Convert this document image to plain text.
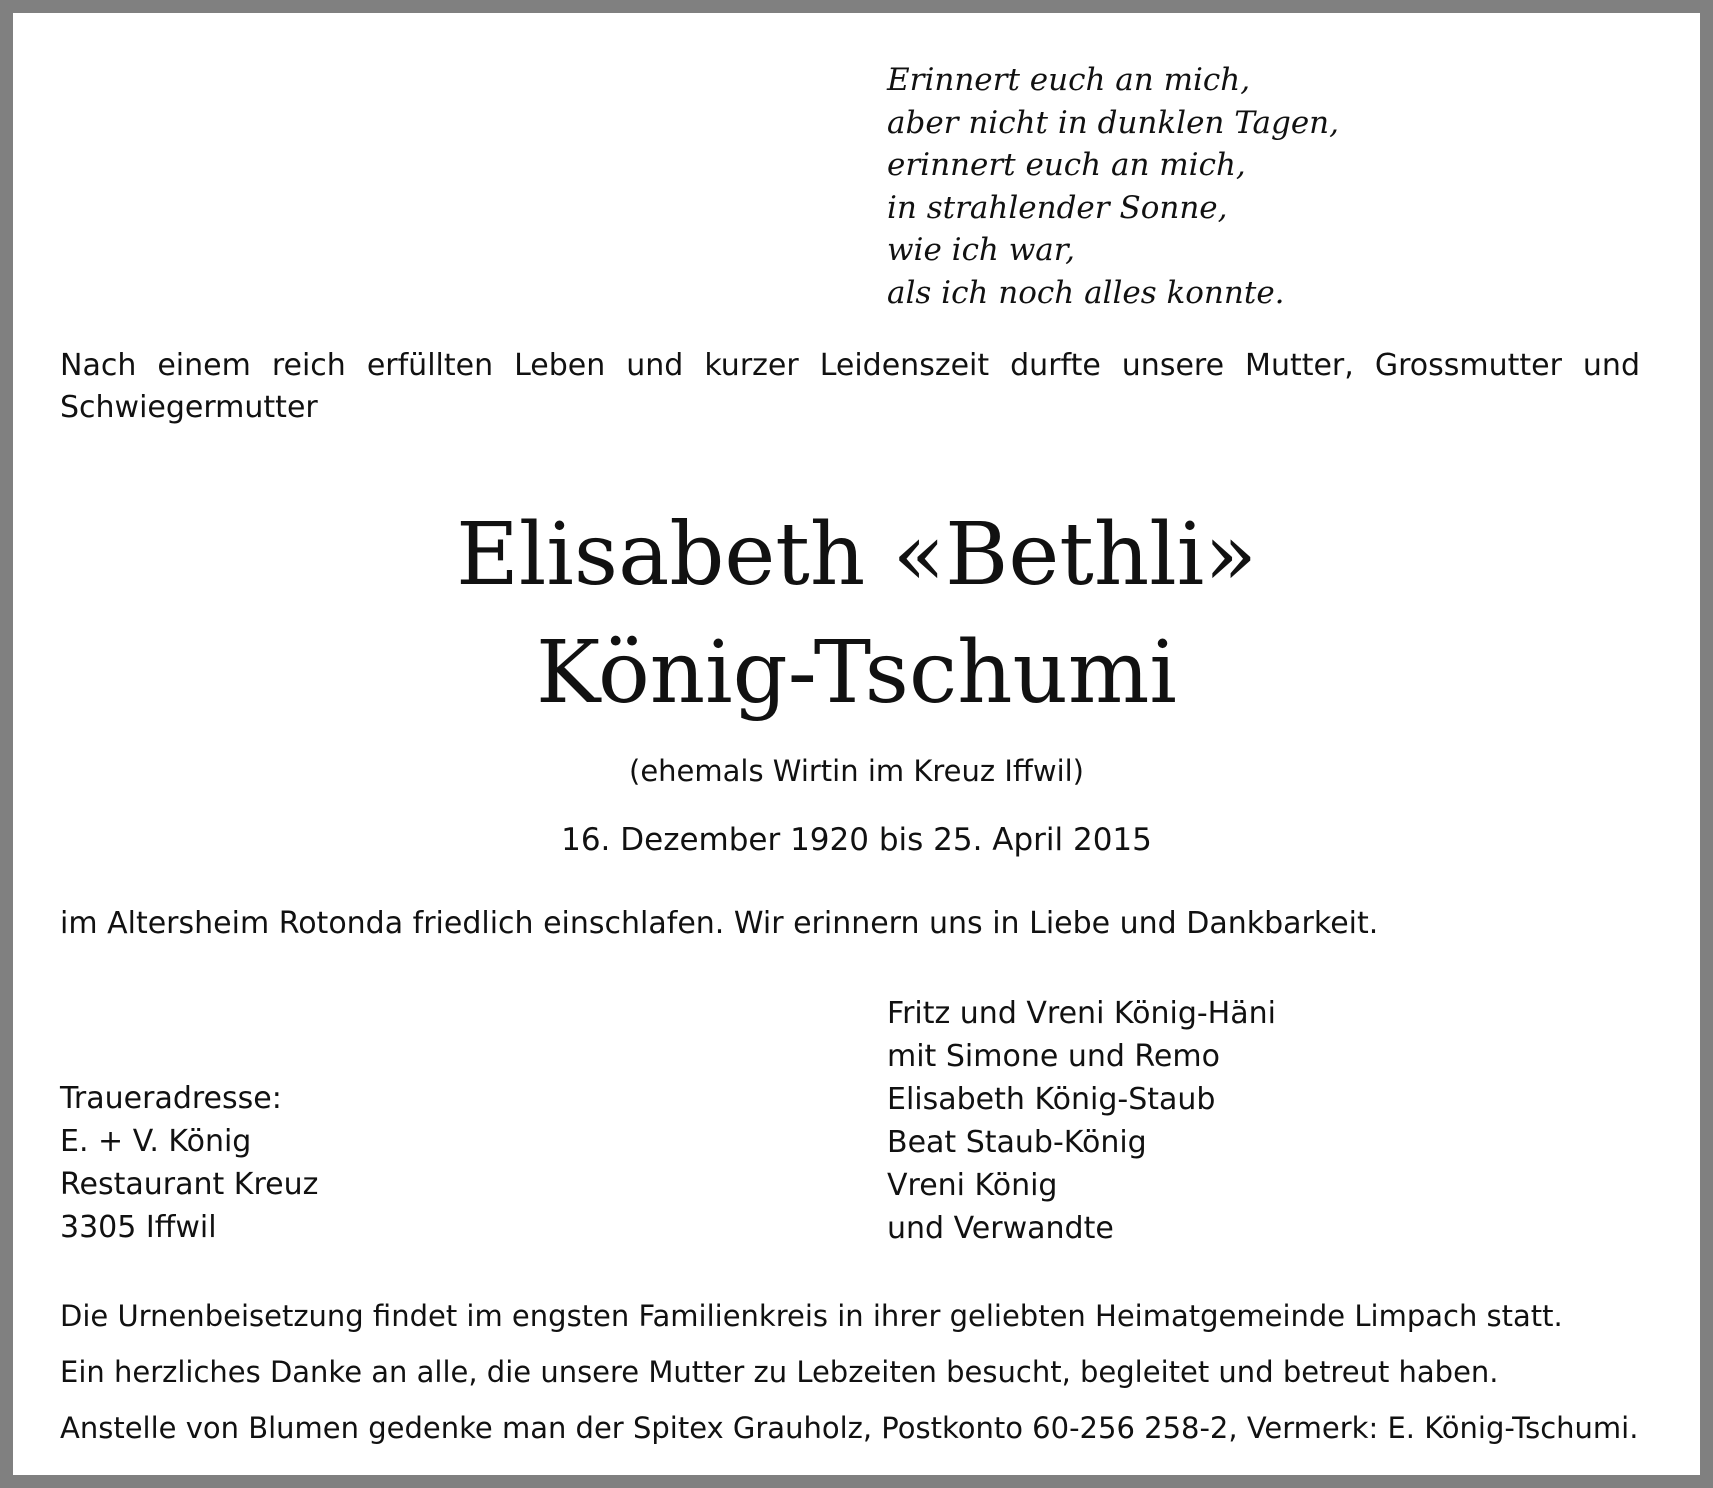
Erinnert euch an mich,
aber nicht in dunklen Tagen,
erinnert euch an mich,
in strahlender Sonne,
wie ich war,
als ich noch alles konnte.
Nach einem reich erfüllten Leben und kurzer Leidenszeit durfte unsere Mutter, Grossmutter und
Schwiegermutter
Elisabeth «Bethli»
König-Tschumi
(ehemals Wirtin im Kreuz Iffwil)
16. Dezember 1920 bis 25. April 2015
im Altersheim Rotonda friedlich einschlafen. Wir erinnern uns in Liebe und Dankbarkeit.
Traueradresse:
E. + V. König
Restaurant Kreuz
3305 Iffwil
Fritz und Vreni König-Häni
mit Simone und Remo
Elisabeth König-Staub
Beat Staub-König
Vreni König
und Verwandte
Die Urnenbeisetzung findet im engsten Familienkreis in ihrer geliebten Heimatgemeinde Limpach statt.
Ein herzliches Danke an alle, die unsere Mutter zu Lebzeiten besucht, begleitet und betreut haben.
Anstelle von Blumen gedenke man der Spitex Grauholz, Postkonto 60-256 258-2, Vermerk: E. König-Tschumi.
